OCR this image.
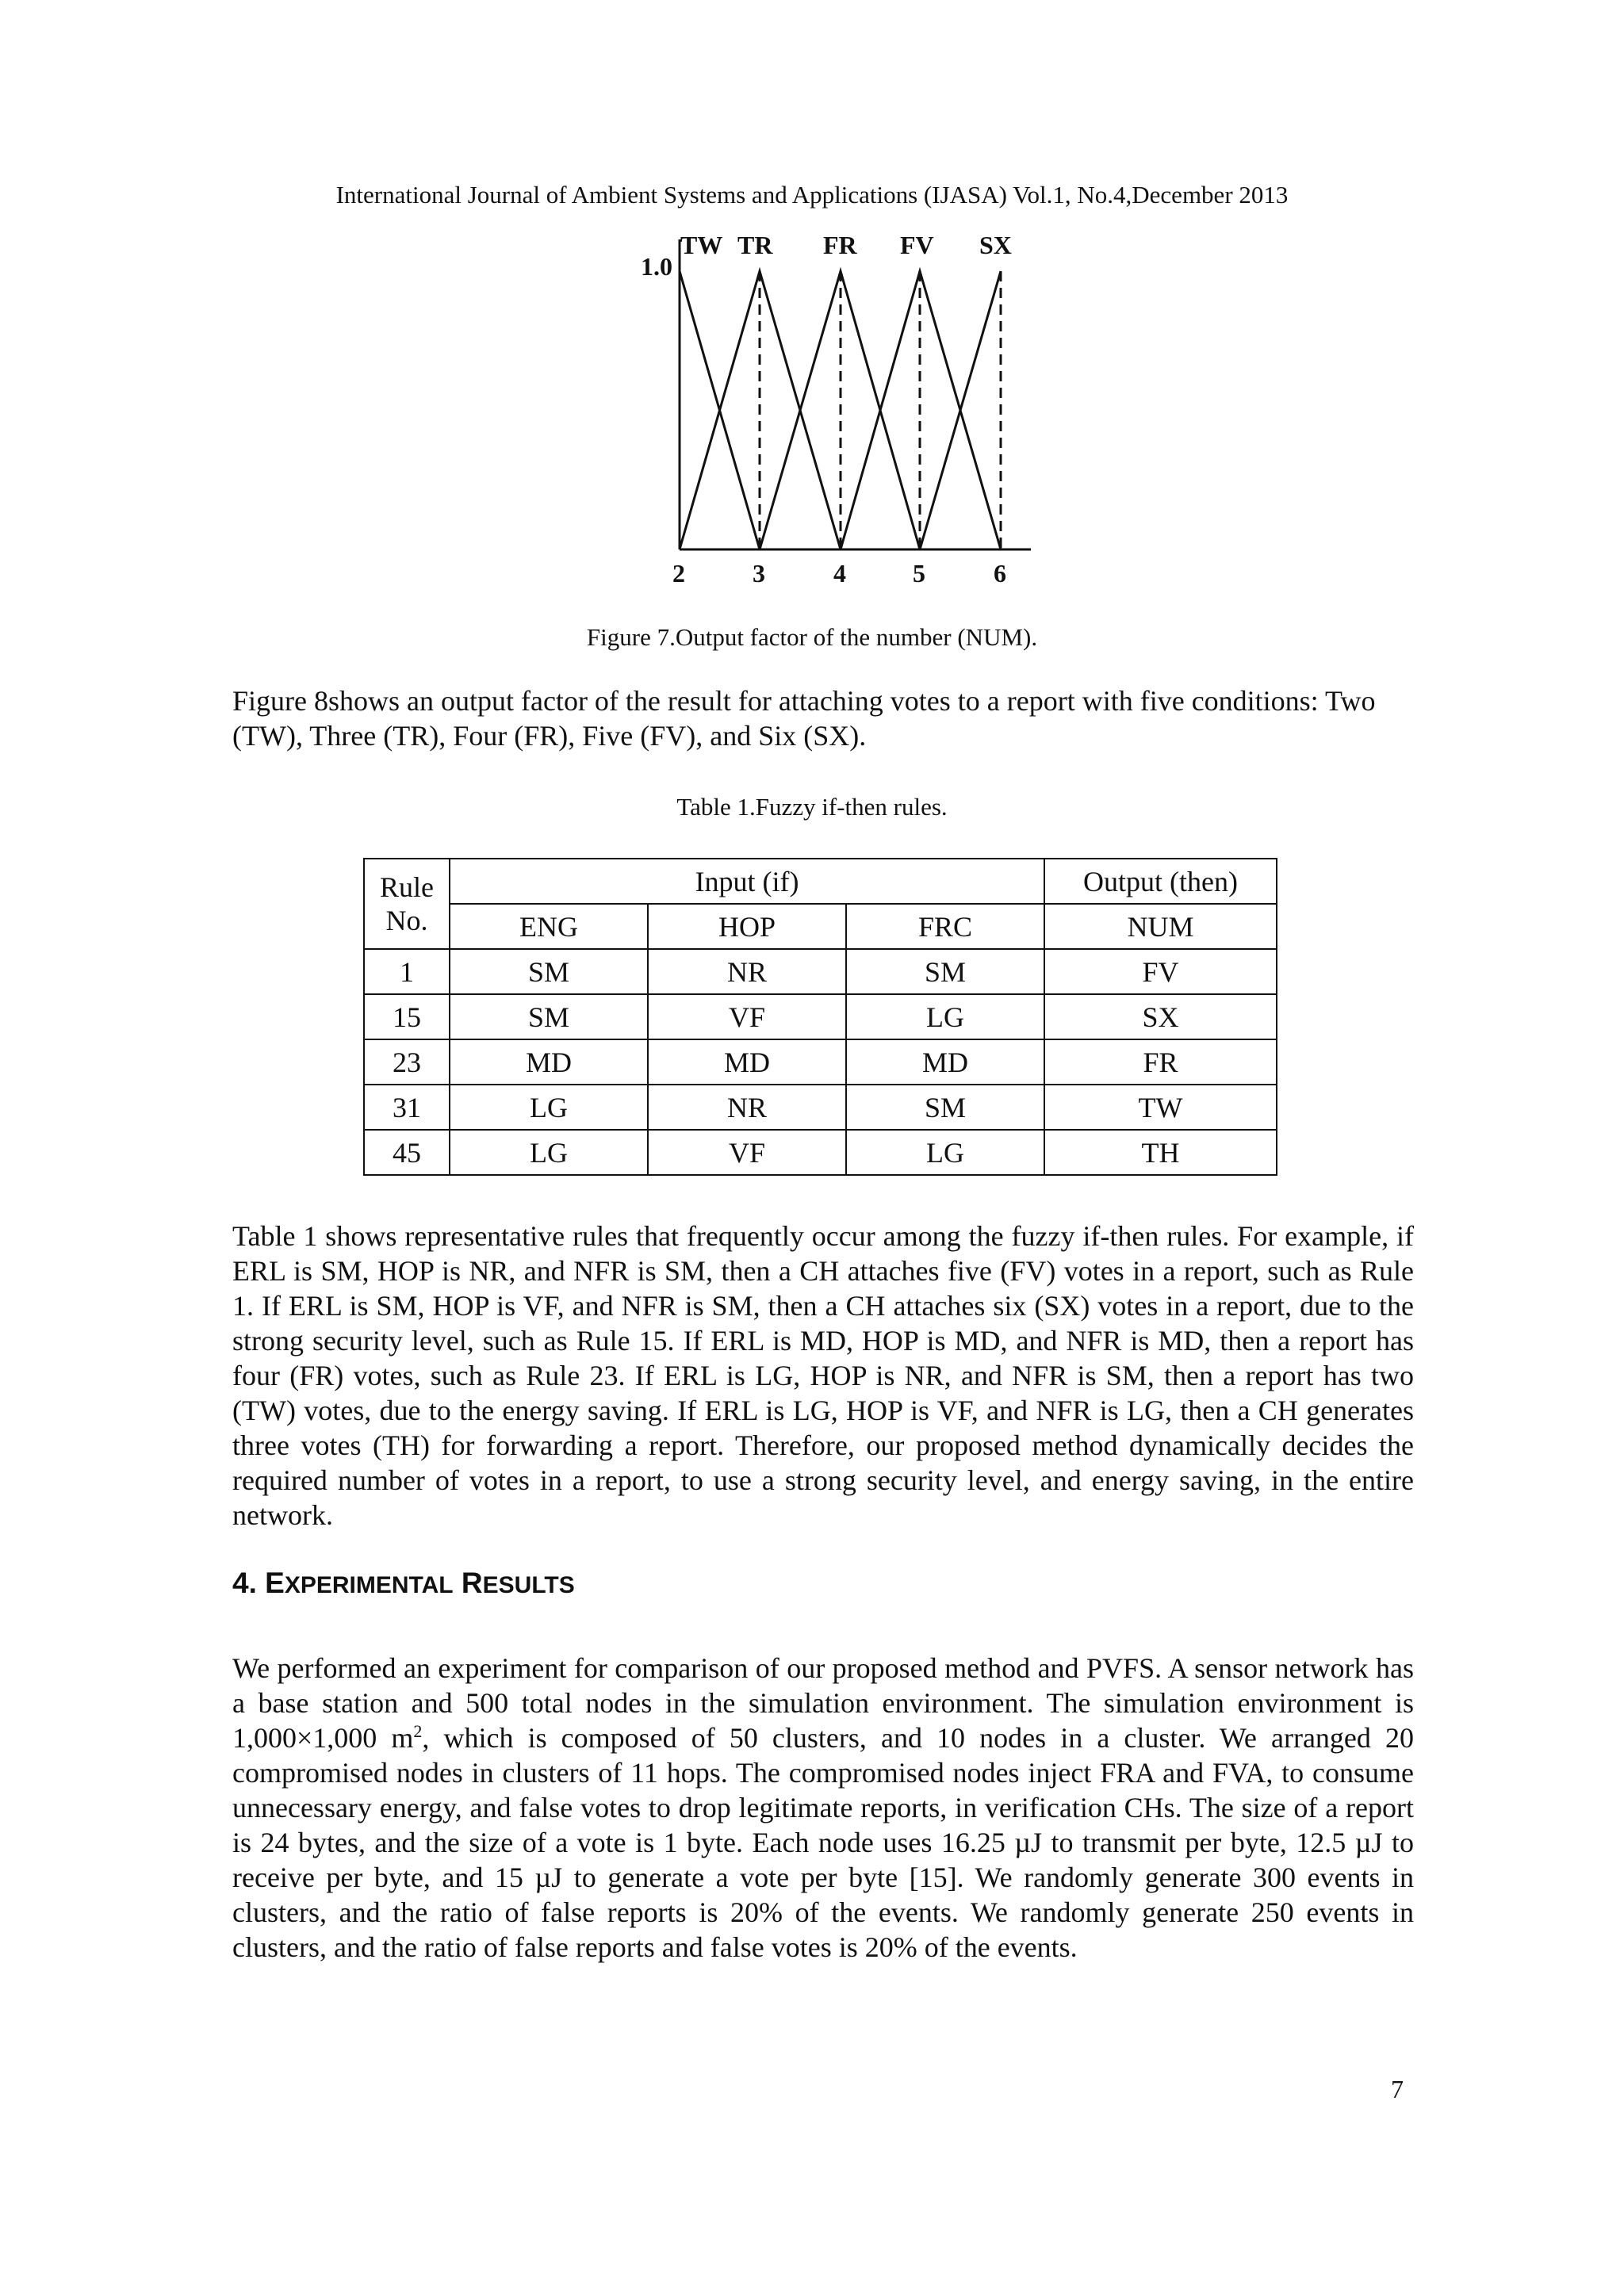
International Journal of Ambient Systems and Applications (IJASA) Vol.1, No.4,December 2013
1.0
TW TR FR FV SX
2	3	4	5	6
Figure 7.Output factor of the number (NUM).

Figure 8shows an output factor of the result for attaching votes to a report with five conditions: Two (TW), Three (TR), Four (FR), Five (FV), and Six (SX).

Table 1.Fuzzy if-then rules.
Rule No.	Input (if)			Output (then)
	ENG	HOP	FRC	NUM
1	SM	NR	SM	FV
15	SM	VF	LG	SX
23	MD	MD	MD	FR
31	LG	NR	SM	TW
45	LG	VF	LG	TH

Table 1 shows representative rules that frequently occur among the fuzzy if-then rules. For example, if ERL is SM, HOP is NR, and NFR is SM, then a CH attaches five (FV) votes in a report, such as Rule 1. If ERL is SM, HOP is VF, and NFR is SM, then a CH attaches six (SX) votes in a report, due to the strong security level, such as Rule 15. If ERL is MD, HOP is MD, and NFR is MD, then a report has four (FR) votes, such as Rule 23. If ERL is LG, HOP is NR, and NFR is SM, then a report has two (TW) votes, due to the energy saving. If ERL is LG, HOP is VF, and NFR is LG, then a CH generates three votes (TH) for forwarding a report. Therefore, our proposed method dynamically decides the required number of votes in a report, to use a strong security level, and energy saving, in the entire network.

4. EXPERIMENTAL RESULTS

We performed an experiment for comparison of our proposed method and PVFS. A sensor network has a base station and 500 total nodes in the simulation environment. The simulation environment is 1,000×1,000 $m^2$, which is composed of 50 clusters, and 10 nodes in a cluster. We arranged 20 compromised nodes in clusters of 11 hops. The compromised nodes inject FRA and FVA, to consume unnecessary energy, and false votes to drop legitimate reports, in verification CHs. The size of a report is 24 bytes, and the size of a vote is 1 byte. Each node uses 16.25 µJ to transmit per byte, 12.5 µJ to receive per byte, and 15 µJ to generate a vote per byte [15]. We randomly generate 300 events in clusters, and the ratio of false reports is 20% of the events. We randomly generate 250 events in clusters, and the ratio of false reports and false votes is 20% of the events.

7
